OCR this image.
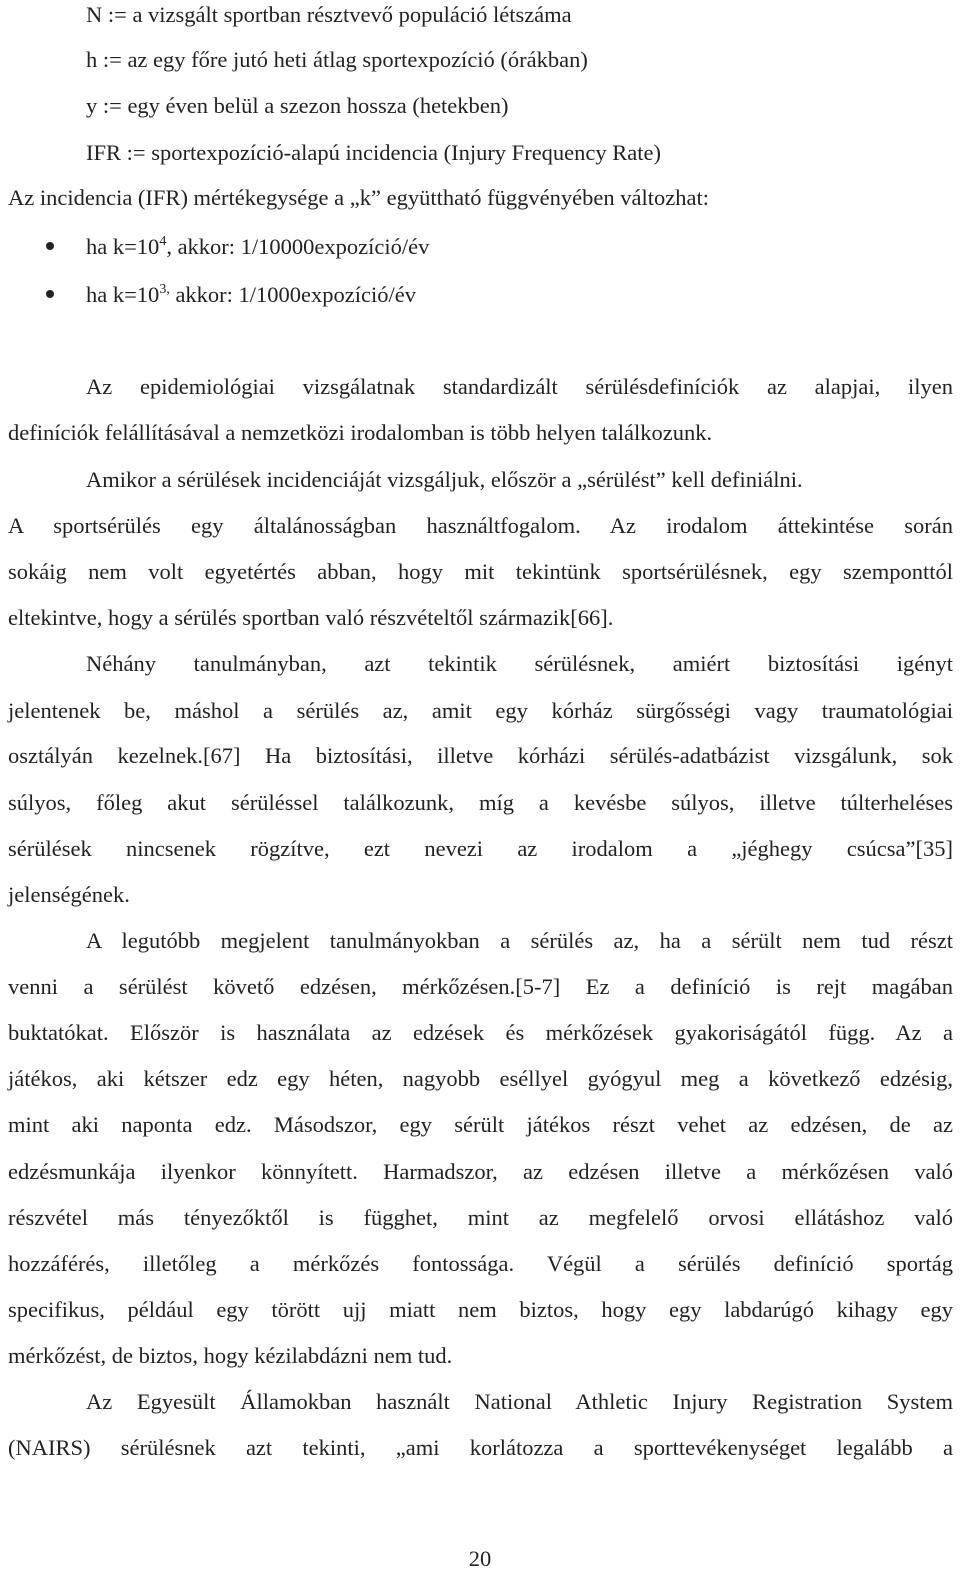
N := a vizsgált sportban résztvevő populáció létszáma
h := az egy főre jutó heti átlag sportexpozíció (órákban)
y := egy éven belül a szezon hossza (hetekben)
IFR := sportexpozíció-alapú incidencia (Injury Frequency Rate)
Az incidencia (IFR) mértékegysége a „k” együttható függvényében változhat:
ha $k=10^4$, akkor: 1/10000expozíció/év
ha $k=10^{3,}$ akkor: 1/1000expozíció/év
Az epidemiológiai vizsgálatnak standardizált sérülésdefiníciók az alapjai, ilyen
definíciók felállításával a nemzetközi irodalomban is több helyen találkozunk.
Amikor a sérülések incidenciáját vizsgáljuk, először a „sérülést” kell definiálni.
A sportsérülés egy általánosságban használtfogalom. Az irodalom áttekintése során
sokáig nem volt egyetértés abban, hogy mit tekintünk sportsérülésnek, egy szemponttól
eltekintve, hogy a sérülés sportban való részvételtől származik[66].
Néhány tanulmányban, azt tekintik sérülésnek, amiért biztosítási igényt
jelentenek be, máshol a sérülés az, amit egy kórház sürgősségi vagy traumatológiai
osztályán kezelnek.[67] Ha biztosítási, illetve kórházi sérülés-adatbázist vizsgálunk, sok
súlyos, főleg akut sérüléssel találkozunk, míg a kevésbe súlyos, illetve túlterheléses
sérülések nincsenek rögzítve, ezt nevezi az irodalom a „jéghegy csúcsa”[35]
jelenségének.
A legutóbb megjelent tanulmányokban a sérülés az, ha a sérült nem tud részt
venni a sérülést követő edzésen, mérkőzésen.[5-7] Ez a definíció is rejt magában
buktatókat. Először is használata az edzések és mérkőzések gyakoriságától függ. Az a
játékos, aki kétszer edz egy héten, nagyobb eséllyel gyógyul meg a következő edzésig,
mint aki naponta edz. Másodszor, egy sérült játékos részt vehet az edzésen, de az
edzésmunkája ilyenkor könnyített. Harmadszor, az edzésen illetve a mérkőzésen való
részvétel más tényezőktől is függhet, mint az megfelelő orvosi ellátáshoz való
hozzáférés, illetőleg a mérkőzés fontossága. Végül a sérülés definíció sportág
specifikus, például egy törött ujj miatt nem biztos, hogy egy labdarúgó kihagy egy
mérkőzést, de biztos, hogy kézilabdázni nem tud.
Az Egyesült Államokban használt National Athletic Injury Registration System
(NAIRS) sérülésnek azt tekinti, „ami korlátozza a sporttevékenységet legalább a
20
